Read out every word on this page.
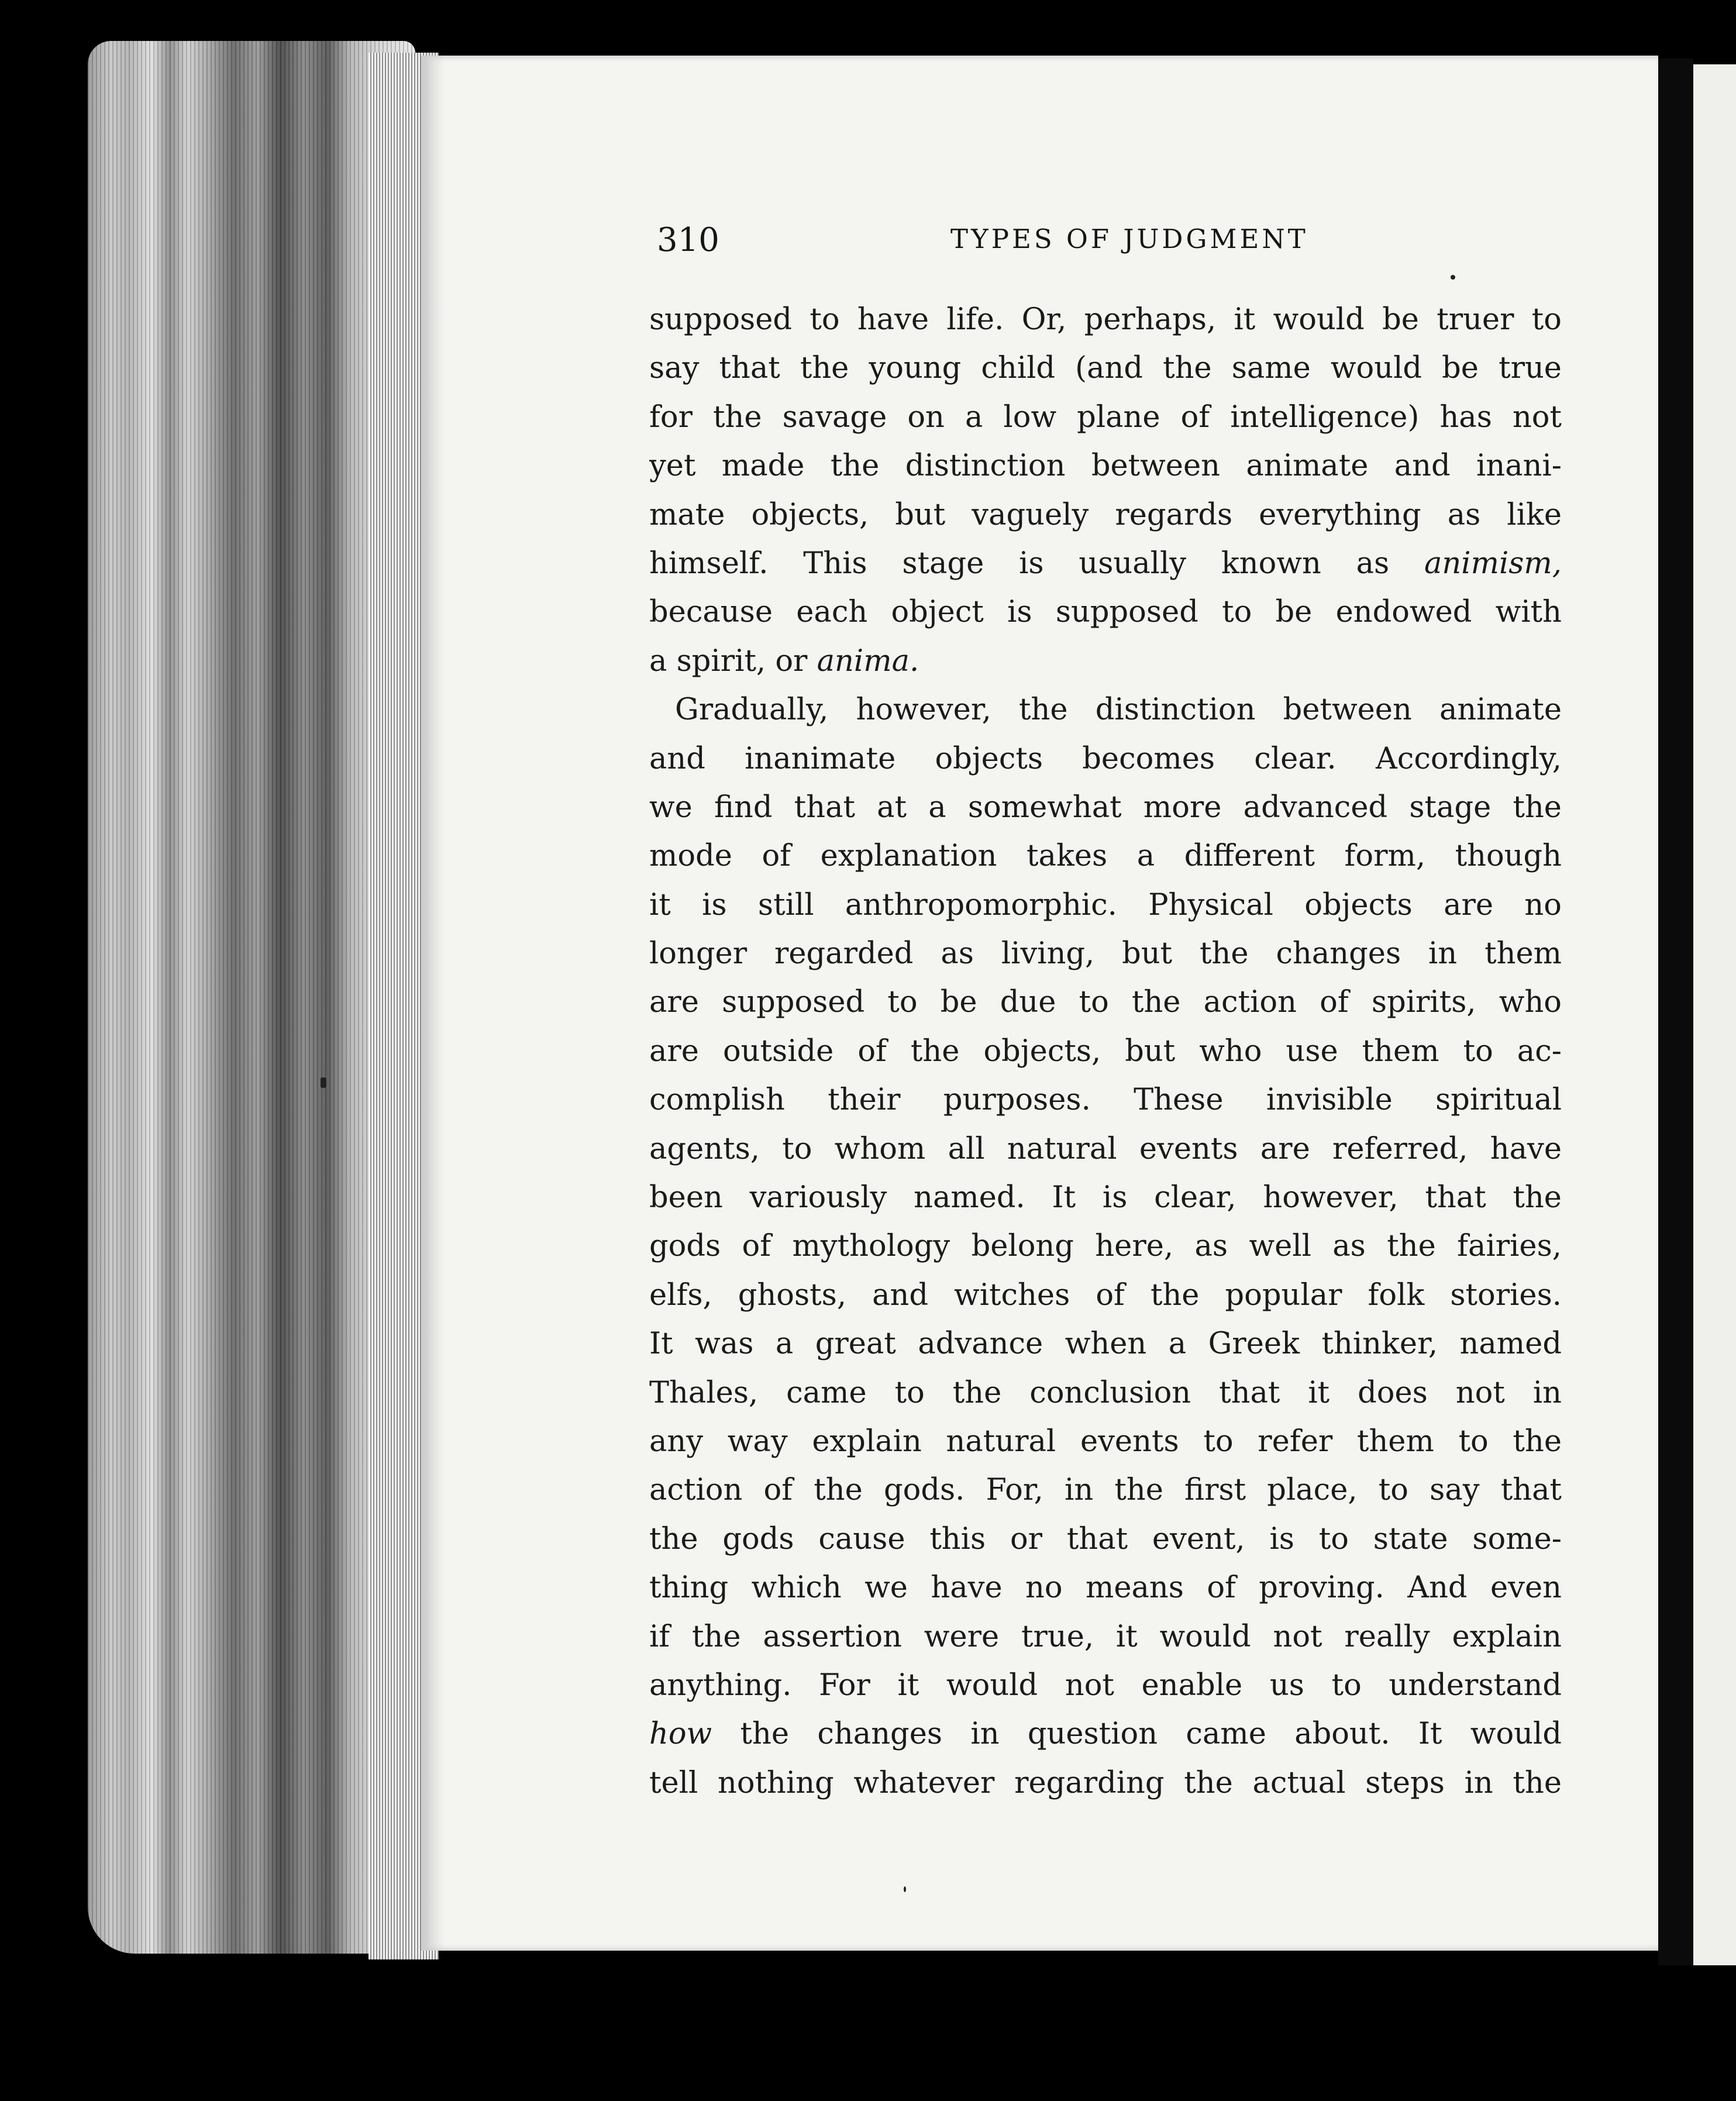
310	TYPES OF JUDGMENT
supposed to have life. Or, perhaps, it would be truer to
say that the young child (and the same would be true
for the savage on a low plane of intelligence) has not
yet made the distinction between animate and inani-
mate objects, but vaguely regards everything as like
himself. This stage is usually known as animism,
because each object is supposed to be endowed with
a spirit, or anima.
Gradually, however, the distinction between animate
and inanimate objects becomes clear. Accordingly,
we find that at a somewhat more advanced stage the
mode of explanation takes a different form, though
it is still anthropomorphic. Physical objects are no
longer regarded as living, but the changes in them
are supposed to be due to the action of spirits, who
are outside of the objects, but who use them to ac-
complish their purposes. These invisible spiritual
agents, to whom all natural events are referred, have
been variously named. It is clear, however, that the
gods of mythology belong here, as well as the fairies,
elfs, ghosts, and witches of the popular folk stories.
It was a great advance when a Greek thinker, named
Thales, came to the conclusion that it does not in
any way explain natural events to refer them to the
action of the gods. For, in the first place, to say that
the gods cause this or that event, is to state some-
thing which we have no means of proving. And even
if the assertion were true, it would not really explain
anything. For it would not enable us to understand
how the changes in question came about. It would
tell nothing whatever regarding the actual steps in the
